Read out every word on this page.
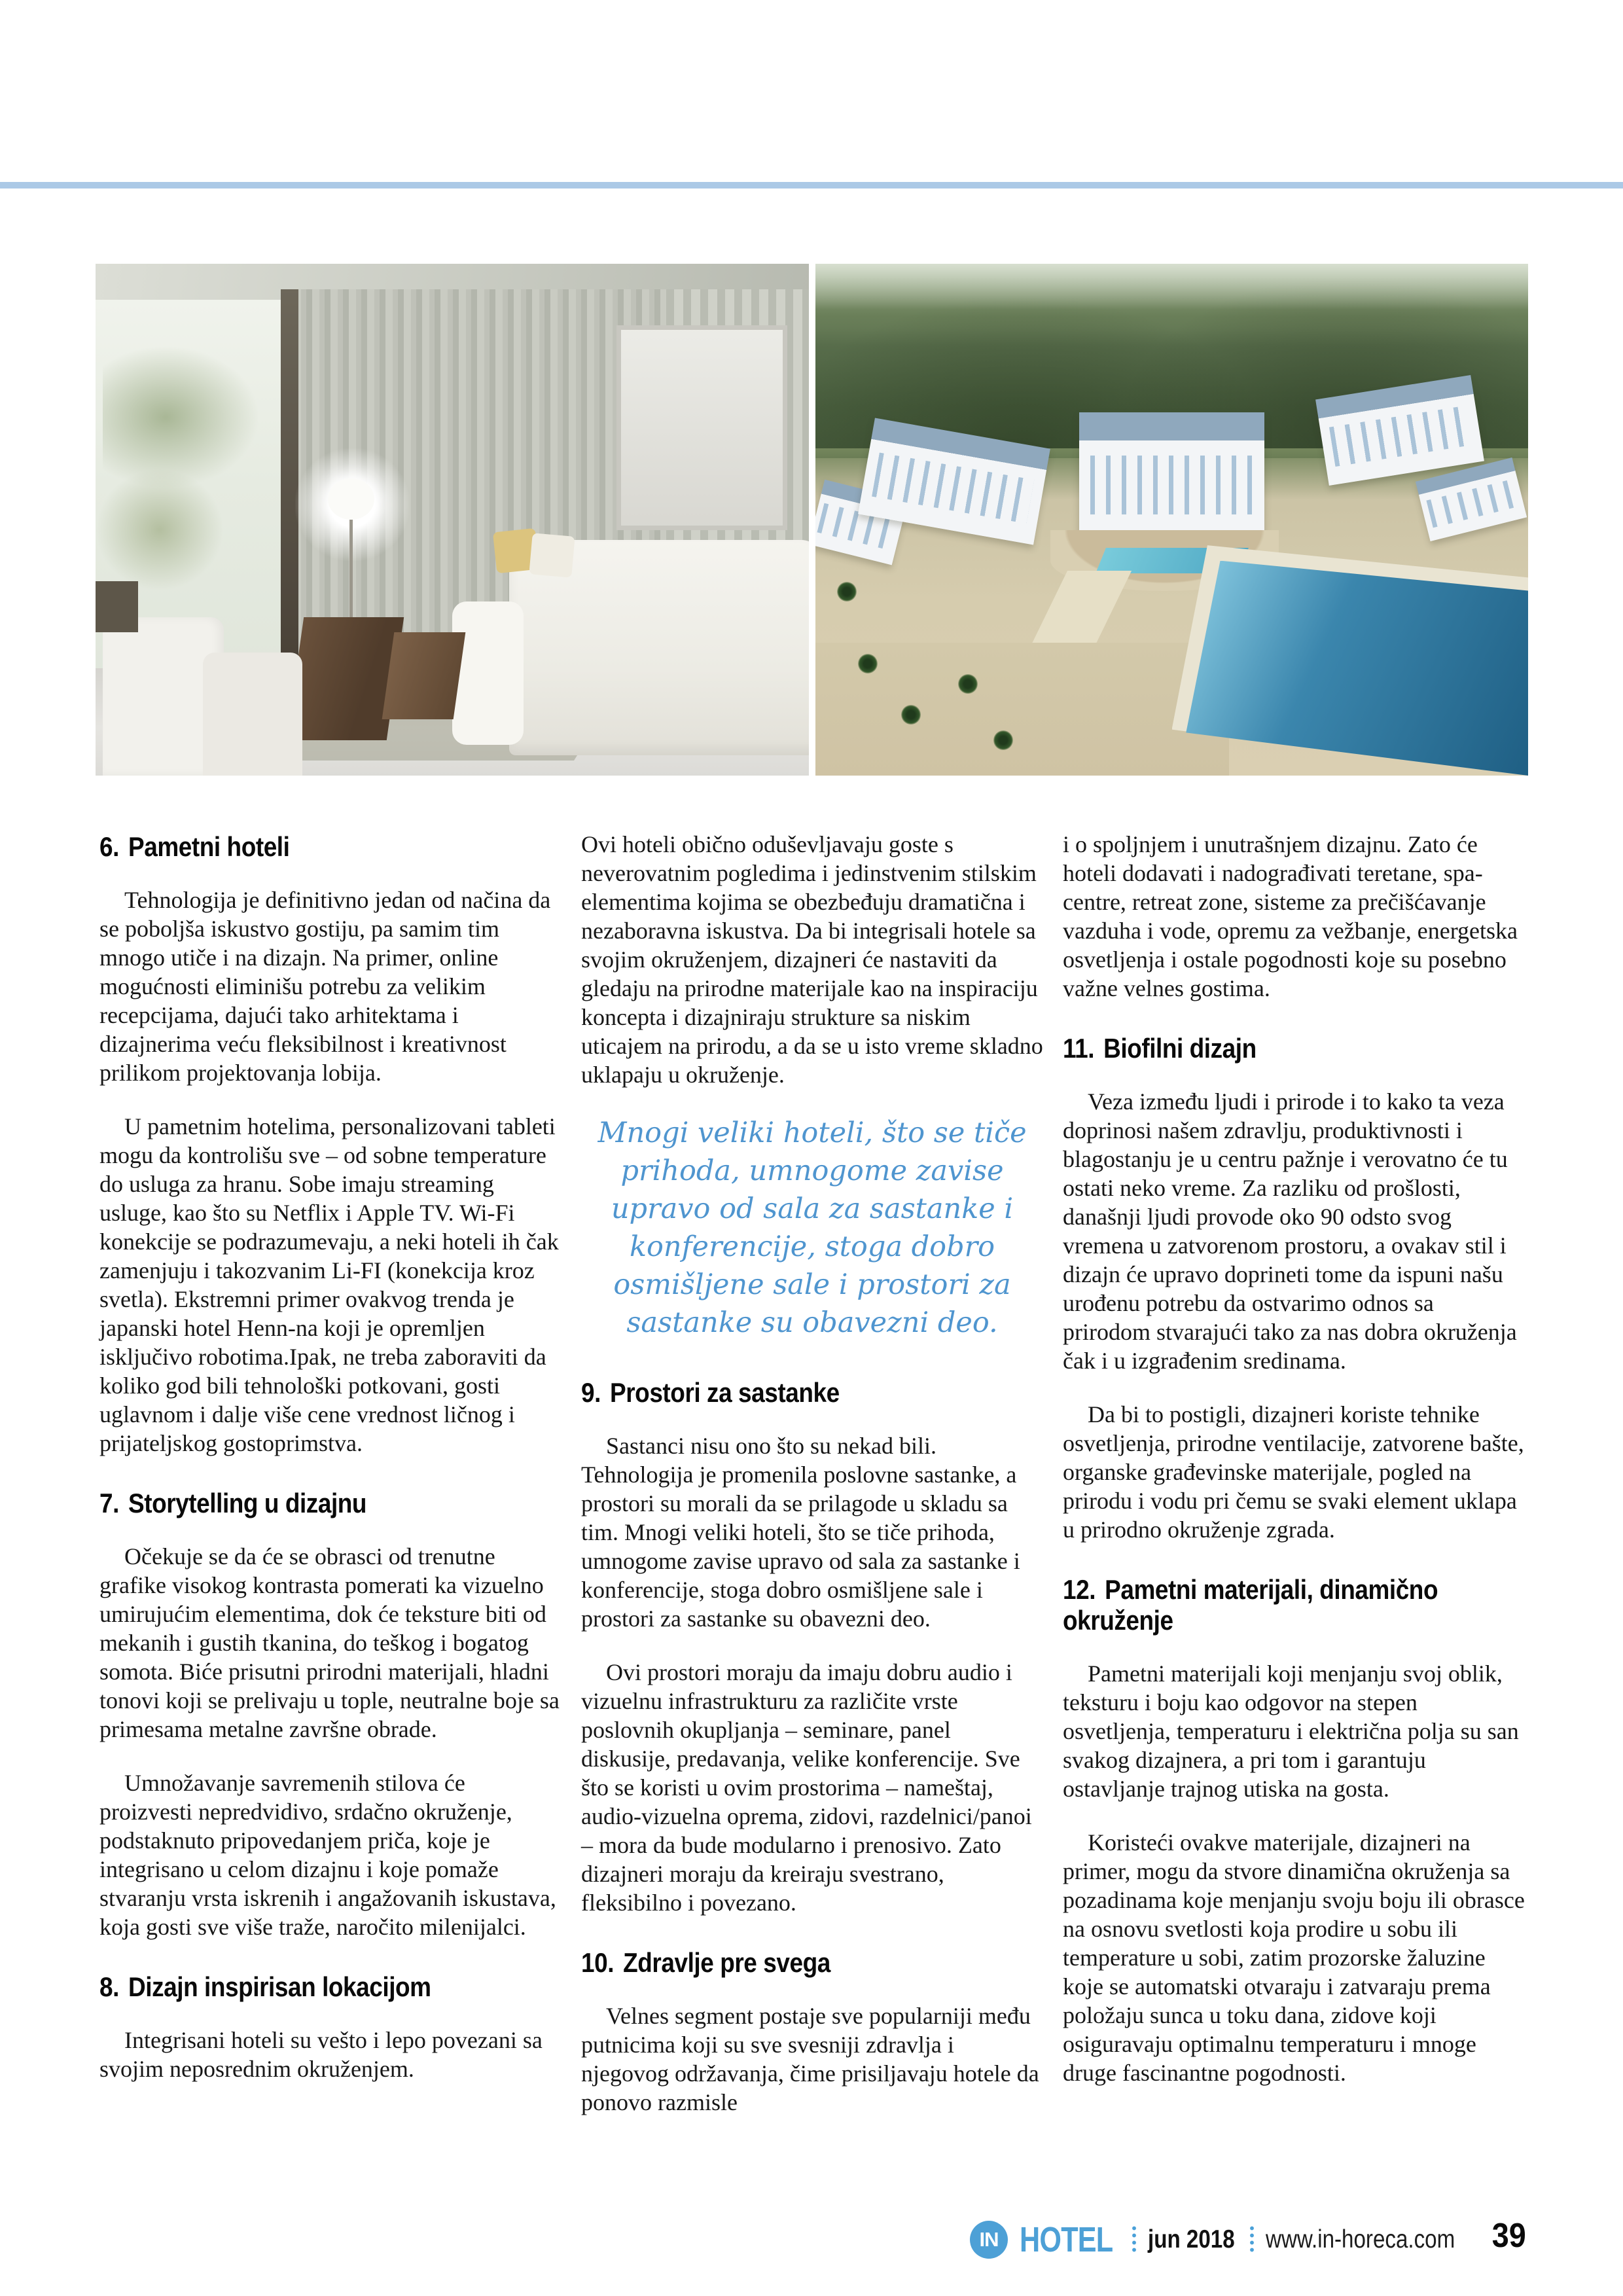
6. Pametni hoteli

Tehnologija je definitivno jedan od načina da se poboljša iskustvo gostiju, pa samim tim mnogo utiče i na dizajn. Na primer, online mogućnosti eliminišu potrebu za velikim recepcijama, dajući tako arhitektama i dizajnerima veću fleksibilnost i kreativnost prilikom projektovanja lobija.

U pametnim hotelima, personalizovani tableti mogu da kontrolišu sve – od sobne temperature do usluga za hranu. Sobe imaju streaming usluge, kao što su Netflix i Apple TV. Wi-Fi konekcije se podrazumevaju, a neki hoteli ih čak zamenjuju i takozvanim Li-FI (konekcija kroz svetla). Ekstremni primer ovakvog trenda je japanski hotel Henn-na koji je opremljen isključivo robotima.Ipak, ne treba zaboraviti da koliko god bili tehnološki potkovani, gosti uglavnom i dalje više cene vrednost ličnog i prijateljskog gostoprimstva.

7. Storytelling u dizajnu

Očekuje se da će se obrasci od trenutne grafike visokog kontrasta pomerati ka vizuelno umirujućim elementima, dok će teksture biti od mekanih i gustih tkanina, do teškog i bogatog somota. Biće prisutni prirodni materijali, hladni tonovi koji se prelivaju u tople, neutralne boje sa primesama metalne završne obrade.

Umnožavanje savremenih stilova će proizvesti nepredvidivo, srdačno okruženje, podstaknuto pripovedanjem priča, koje je integrisano u celom dizajnu i koje pomaže stvaranju vrsta iskrenih i angažovanih iskustava, koja gosti sve više traže, naročito milenijalci.

8. Dizajn inspirisan lokacijom

Integrisani hoteli su vešto i lepo povezani sa svojim neposrednim okruženjem.

Ovi hoteli obično oduševljavaju goste s neverovatnim pogledima i jedinstvenim stilskim elementima kojima se obezbeđuju dramatična i nezaboravna iskustva. Da bi integrisali hotele sa svojim okruženjem, dizajneri će nastaviti da gledaju na prirodne materijale kao na inspiraciju koncepta i dizajniraju strukture sa niskim uticajem na prirodu, a da se u isto vreme skladno uklapaju u okruženje.

Mnogi veliki hoteli, što se tiče prihoda, umnogome zavise upravo od sala za sastanke i konferencije, stoga dobro osmišljene sale i prostori za sastanke su obavezni deo.
9. Prostori za sastanke

Sastanci nisu ono što su nekad bili. Tehnologija je promenila poslovne sastanke, a prostori su morali da se prilagode u skladu sa tim. Mnogi veliki hoteli, što se tiče prihoda, umnogome zavise upravo od sala za sastanke i konferencije, stoga dobro osmišljene sale i prostori za sastanke su obavezni deo.

Ovi prostori moraju da imaju dobru audio i vizuelnu infrastrukturu za različite vrste poslovnih okupljanja – seminare, panel diskusije, predavanja, velike konferencije. Sve što se koristi u ovim prostorima – nameštaj, audio-vizuelna oprema, zidovi, razdelnici/panoi – mora da bude modularno i prenosivo. Zato dizajneri moraju da kreiraju svestrano, fleksibilno i povezano.

10. Zdravlje pre svega

Velnes segment postaje sve popularniji među putnicima koji su sve svesniji zdravlja i njegovog održavanja, čime prisiljavaju hotele da ponovo razmisle

i o spoljnjem i unutrašnjem dizajnu. Zato će hoteli dodavati i nadograđivati teretane, spa-centre, retreat zone, sisteme za prečišćavanje vazduha i vode, opremu za vežbanje, energetska osvetljenja i ostale pogodnosti koje su posebno važne velnes gostima.

11. Biofilni dizajn

Veza između ljudi i prirode i to kako ta veza doprinosi našem zdravlju, produktivnosti i blagostanju je u centru pažnje i verovatno će tu ostati neko vreme. Za razliku od prošlosti, današnji ljudi provode oko 90 odsto svog vremena u zatvorenom prostoru, a ovakav stil i dizajn će upravo doprineti tome da ispuni našu urođenu potrebu da ostvarimo odnos sa prirodom stvarajući tako za nas dobra okruženja čak i u izgrađenim sredinama.

Da bi to postigli, dizajneri koriste tehnike osvetljenja, prirodne ventilacije, zatvorene bašte, organske građevinske materijale, pogled na prirodu i vodu pri čemu se svaki element uklapa u prirodno okruženje zgrada.

12. Pametni materijali, dinamično okruženje

Pametni materijali koji menjanju svoj oblik, teksturu i boju kao odgovor na stepen osvetljenja, temperaturu i električna polja su san svakog dizajnera, a pri tom i garantuju ostavljanje trajnog utiska na gosta.

Koristeći ovakve materijale, dizajneri na primer, mogu da stvore dinamična okruženja sa pozadinama koje menjanju svoju boju ili obrasce na osnovu svetlosti koja prodire u sobu ili temperature u sobi, zatim prozorske žaluzine koje se automatski otvaraju i zatvaraju prema položaju sunca u toku dana, zidove koji osiguravaju optimalnu temperaturu i mnoge druge fascinantne pogodnosti.

IN HOTEL jun 2018 www.in-horeca.com 39
